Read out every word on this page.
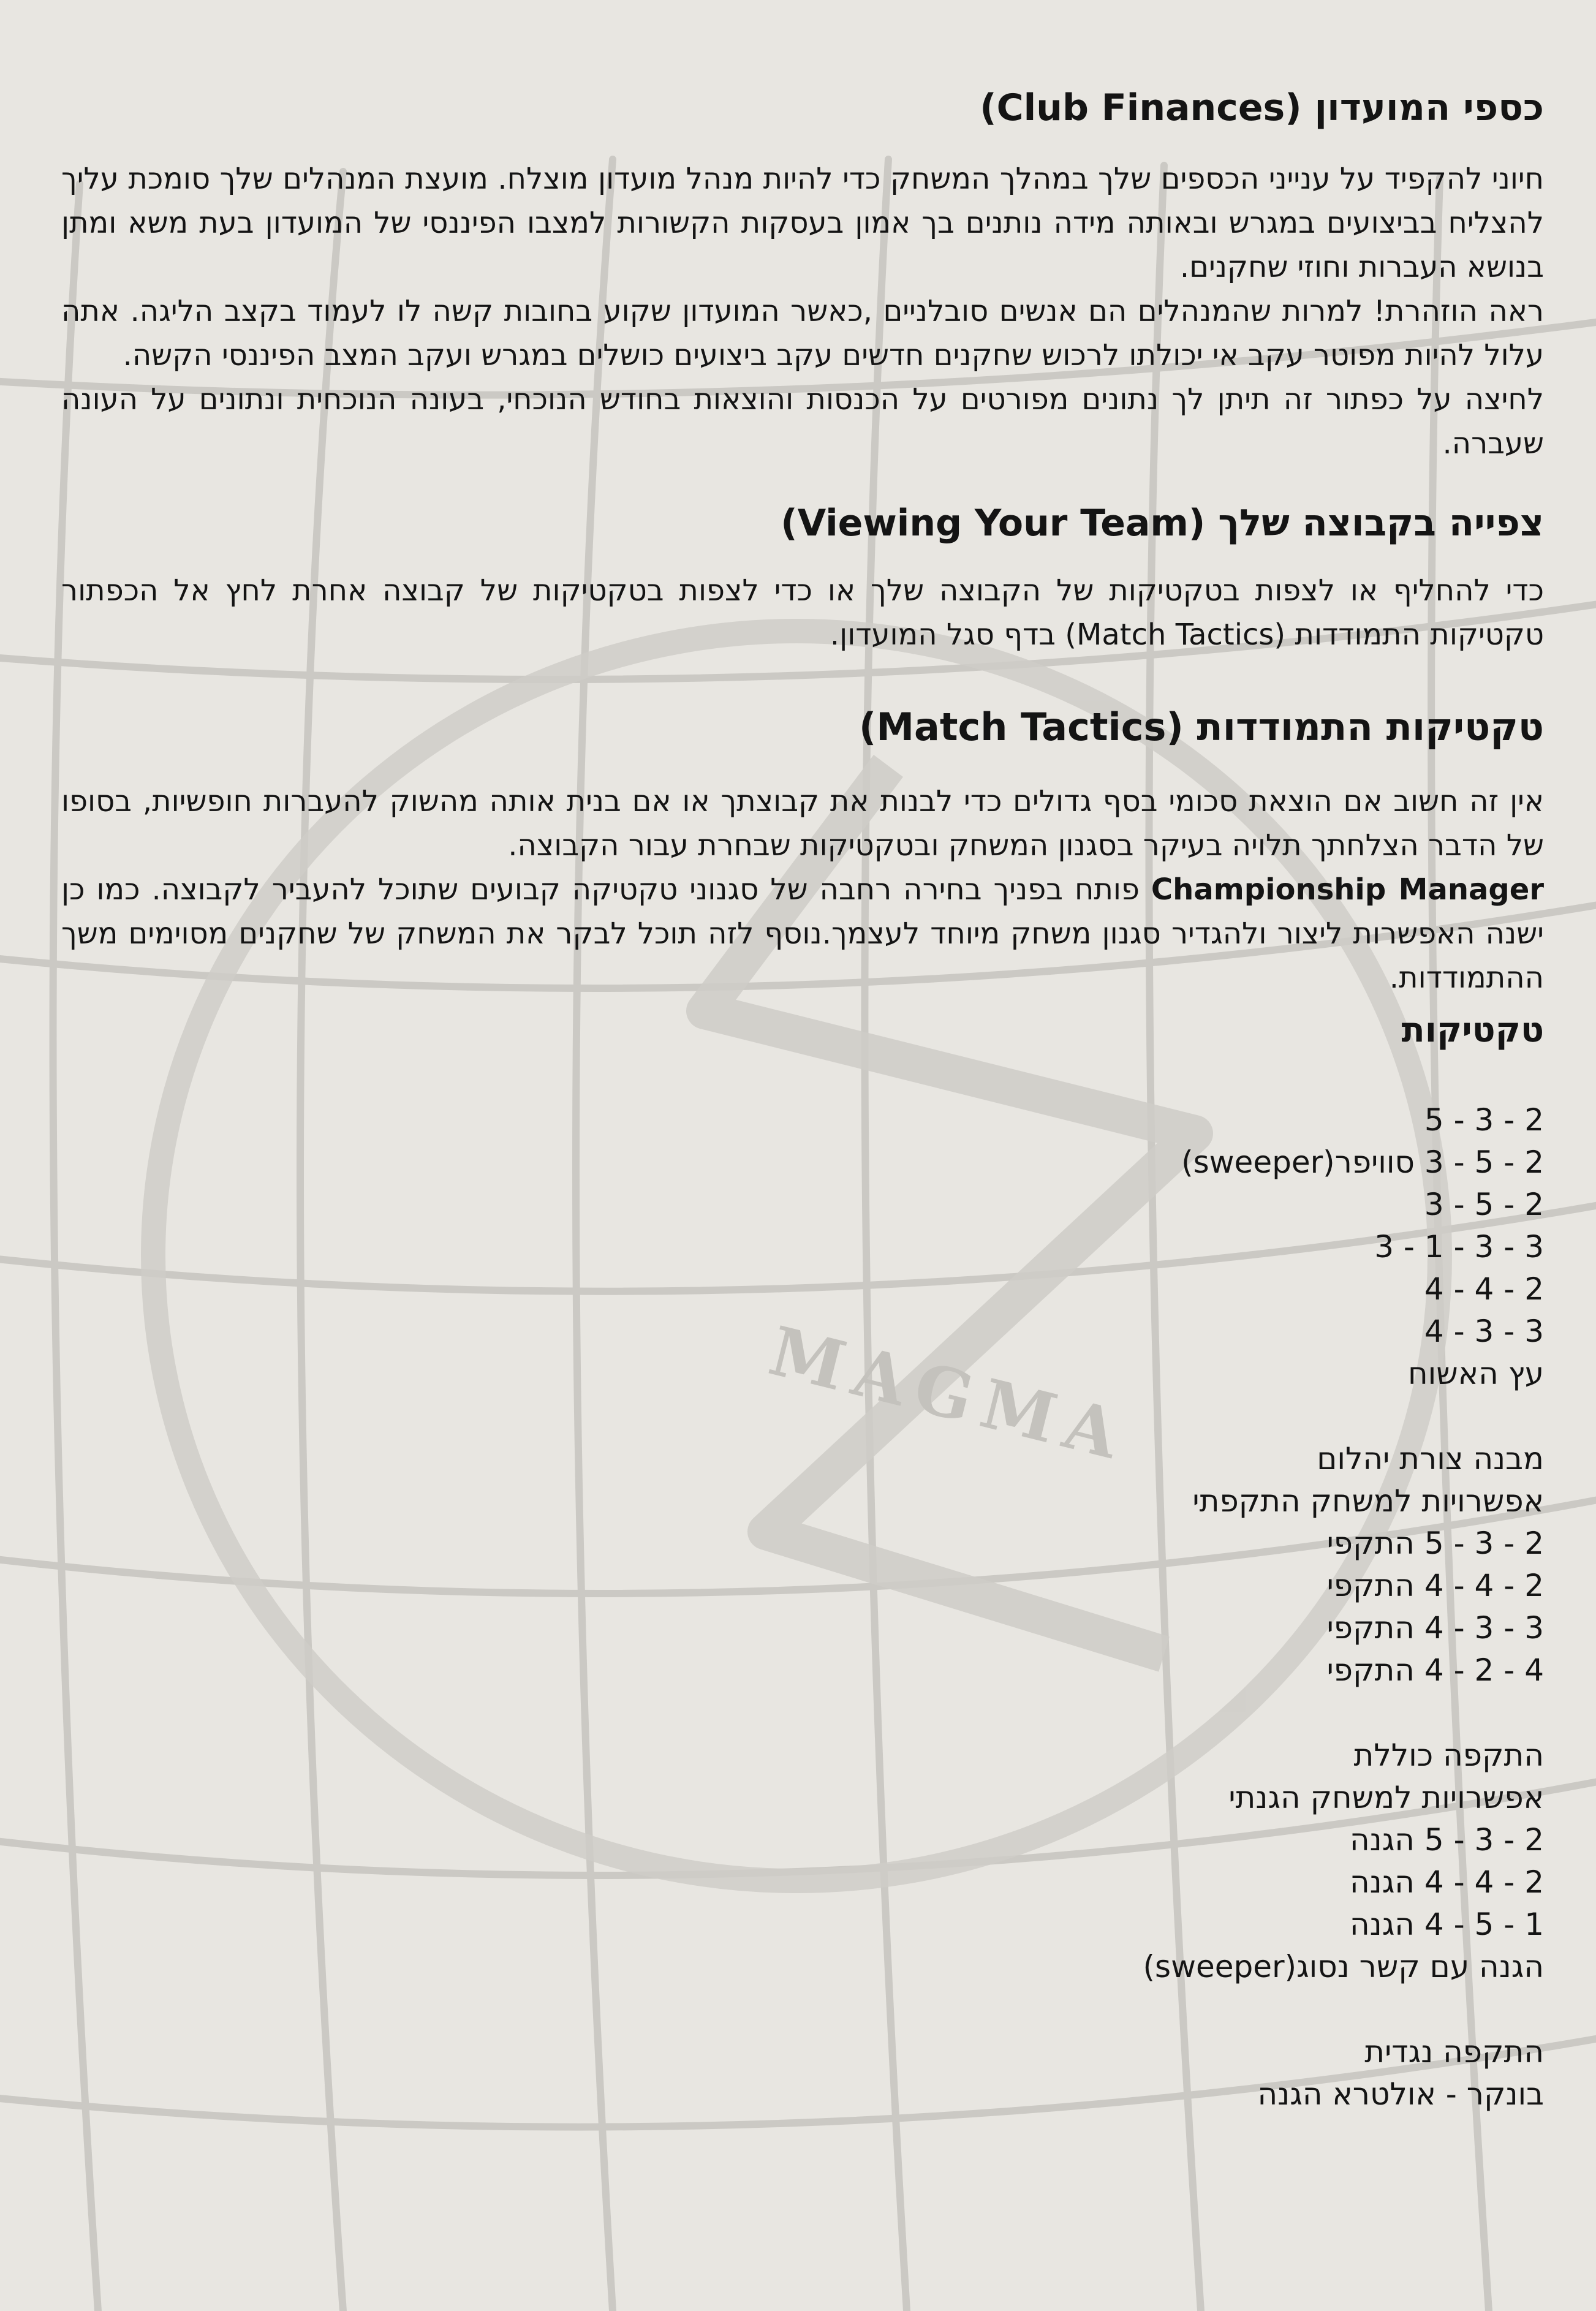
MAGMA
כספי המועדון (Club Finances)

חיוני להקפיד על ענייני הכספים שלך במהלך המשחק כדי להיות מנהל מועדון מוצלח. מועצת המנהלים שלך סומכת עליך להצליח בביצועים במגרש ובאותה מידה נותנים בך אמון בעסקות הקשורות למצבו הפיננסי של המועדון בעת משא ומתן בנושא העברות וחוזי שחקנים.

ראה הוזהרת! למרות שהמנהלים הם אנשים סובלניים ,כאשר המועדון שקוע בחובות קשה לו לעמוד בקצב הליגה. אתה עלול להיות מפוטר עקב אי יכולתו לרכוש שחקנים חדשים עקב ביצועים כושלים במגרש ועקב המצב הפיננסי הקשה.

לחיצה על כפתור זה תיתן לך נתונים מפורטים על הכנסות והוצאות בחודש הנוכחי, בעונה הנוכחית ונתונים על העונה שעברה.

צפייה בקבוצה שלך (Viewing Your Team)

כדי להחליף או לצפות בטקטיקות של הקבוצה שלך או כדי לצפות בטקטיקות של קבוצה אחרת לחץ אל הכפתור טקטיקות התמודדות (Match Tactics) בדף סגל המועדון.

טקטיקות התמודדות (Match Tactics)

אין זה חשוב אם הוצאת סכומי בסף גדולים כדי לבנות את קבוצתך או אם בנית אותה מהשוק להעברות חופשיות, בסופו של הדבר הצלחתך תלויה בעיקר בסגנון המשחק ובטקטיקות שבחרת עבור הקבוצה.

Championship Manager פותח בפניך בחירה רחבה של סגנוני טקטיקה קבועים שתוכל להעביר לקבוצה. כמו כן ישנה האפשרות ליצור ולהגדיר סגנון משחק מיוחד לעצמך.נוסף לזה תוכל לבקר את המשחק של שחקנים מסוימים משך ההתמודדות.

טקטיקות
2 - 3 - 5
2 - 5 - 3 סוויפר(sweeper)
2 - 5 - 3
3 - 3 - 1 - 3
2 - 4 - 4
3 - 3 - 4
עץ האשוח
מבנה צורת יהלום
אפשרויות למשחק התקפתי
2 - 3 - 5 התקפי
2 - 4 - 4 התקפי
3 - 3 - 4 התקפי
4 - 2 - 4 התקפי
התקפה כוללת
אפשרויות למשחק הגנתי
2 - 3 - 5 הגנה
2 - 4 - 4 הגנה
1 - 5 - 4 הגנה
הגנה עם קשר נסוג(sweeper)
התקפה נגדית
בונקר - אולטרא הגנה
